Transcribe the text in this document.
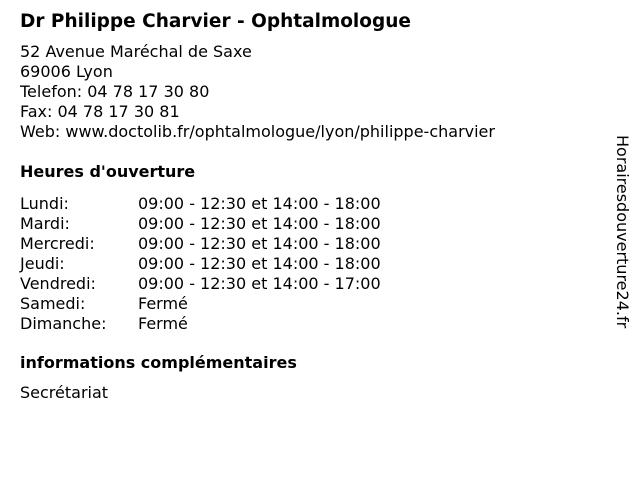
Dr Philippe Charvier - Ophtalmologue
52 Avenue Maréchal de Saxe
69006 Lyon
Telefon: 04 78 17 30 80
Fax: 04 78 17 30 81
Web: www.doctolib.fr/ophtalmologue/lyon/philippe-charvier
Heures d'ouverture
Lundi:	09:00 - 12:30 et 14:00 - 18:00
Mardi:	09:00 - 12:30 et 14:00 - 18:00
Mercredi:	09:00 - 12:30 et 14:00 - 18:00
Jeudi:	09:00 - 12:30 et 14:00 - 18:00
Vendredi:	09:00 - 12:30 et 14:00 - 17:00
Samedi:	Fermé
Dimanche:	Fermé
informations complémentaires
Secrétariat
Horairesdouverture24.fr
